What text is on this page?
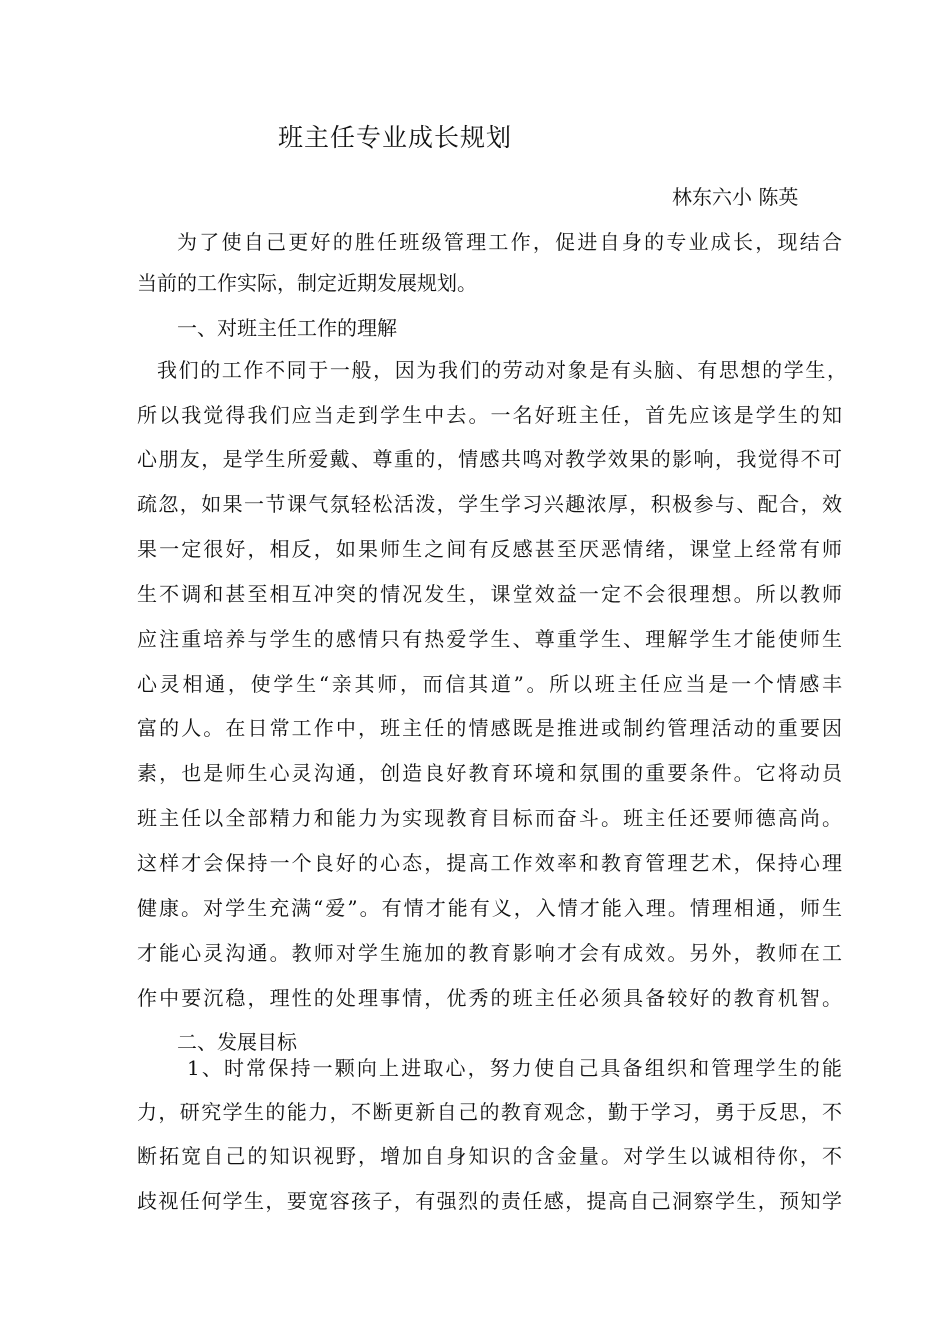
班主任专业成长规划
林东六小 陈英
为了使自己更好的胜任班级管理工作，促进自身的专业成长，现结合
当前的工作实际，制定近期发展规划。
一、对班主任工作的理解
我们的工作不同于一般，因为我们的劳动对象是有头脑、有思想的学生，
所以我觉得我们应当走到学生中去。一名好班主任，首先应该是学生的知
心朋友，是学生所爱戴、尊重的，情感共鸣对教学效果的影响，我觉得不可
疏忽，如果一节课气氛轻松活泼，学生学习兴趣浓厚，积极参与、配合，效
果一定很好，相反，如果师生之间有反感甚至厌恶情绪，课堂上经常有师
生不调和甚至相互冲突的情况发生，课堂效益一定不会很理想。所以教师
应注重培养与学生的感情只有热爱学生、尊重学生、理解学生才能使师生
心灵相通，使学生“亲其师，而信其道”。所以班主任应当是一个情感丰
富的人。在日常工作中，班主任的情感既是推进或制约管理活动的重要因
素，也是师生心灵沟通，创造良好教育环境和氛围的重要条件。它将动员
班主任以全部精力和能力为实现教育目标而奋斗。班主任还要师德高尚。
这样才会保持一个良好的心态，提高工作效率和教育管理艺术，保持心理
健康。对学生充满“爱”。有情才能有义，入情才能入理。情理相通，师生
才能心灵沟通。教师对学生施加的教育影响才会有成效。另外，教师在工
作中要沉稳，理性的处理事情，优秀的班主任必须具备较好的教育机智。
二、发展目标
1、时常保持一颗向上进取心，努力使自己具备组织和管理学生的能
力，研究学生的能力，不断更新自己的教育观念，勤于学习，勇于反思，不
断拓宽自己的知识视野，增加自身知识的含金量。对学生以诚相待你，不
歧视任何学生，要宽容孩子，有强烈的责任感，提高自己洞察学生，预知学
